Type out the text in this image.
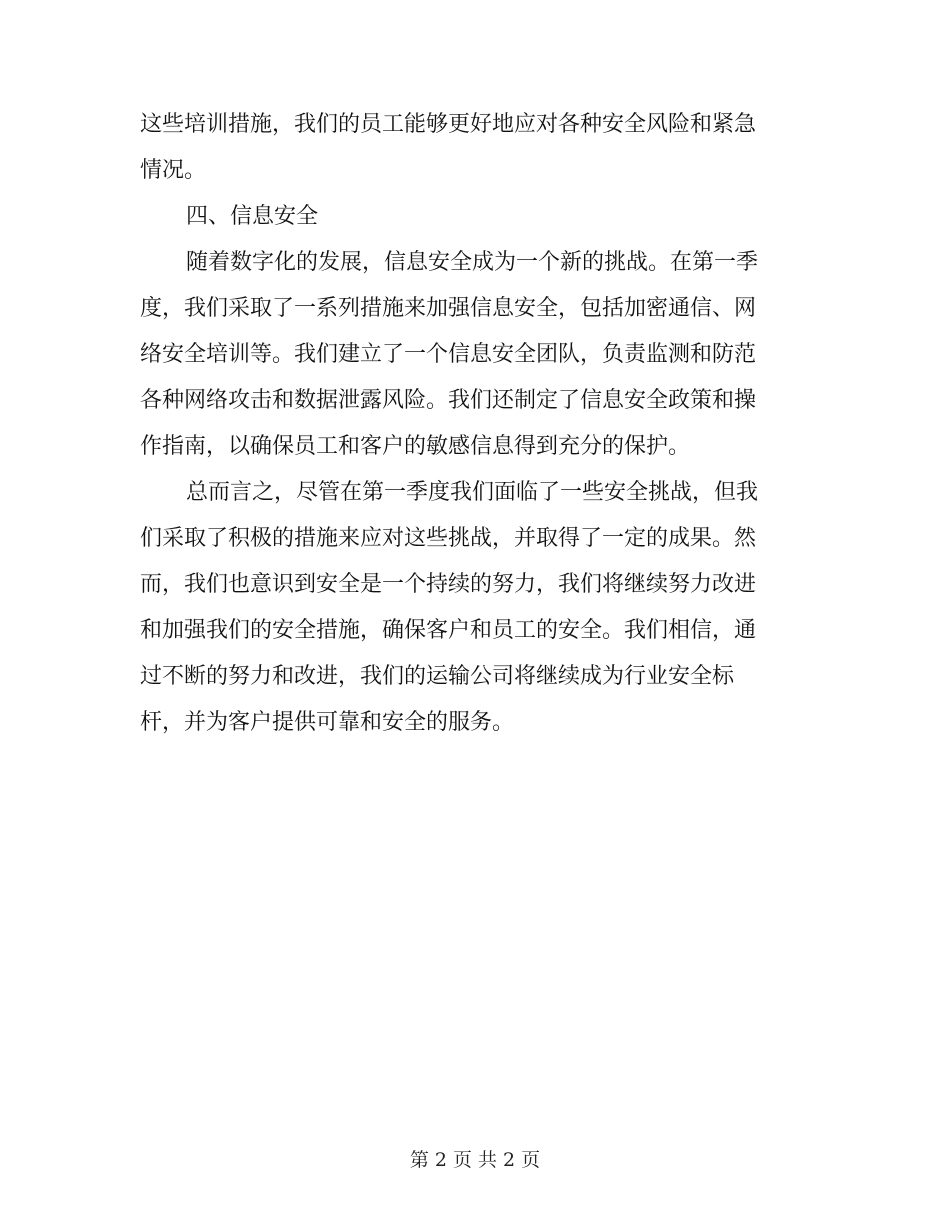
这些培训措施，我们的员工能够更好地应对各种安全风险和紧急
情况。
四、信息安全
随着数字化的发展，信息安全成为一个新的挑战。在第一季
度，我们采取了一系列措施来加强信息安全，包括加密通信、网
络安全培训等。我们建立了一个信息安全团队，负责监测和防范
各种网络攻击和数据泄露风险。我们还制定了信息安全政策和操
作指南，以确保员工和客户的敏感信息得到充分的保护。
总而言之，尽管在第一季度我们面临了一些安全挑战，但我
们采取了积极的措施来应对这些挑战，并取得了一定的成果。然
而，我们也意识到安全是一个持续的努力，我们将继续努力改进
和加强我们的安全措施，确保客户和员工的安全。我们相信，通
过不断的努力和改进，我们的运输公司将继续成为行业安全标
杆，并为客户提供可靠和安全的服务。
第 2 页 共 2 页
